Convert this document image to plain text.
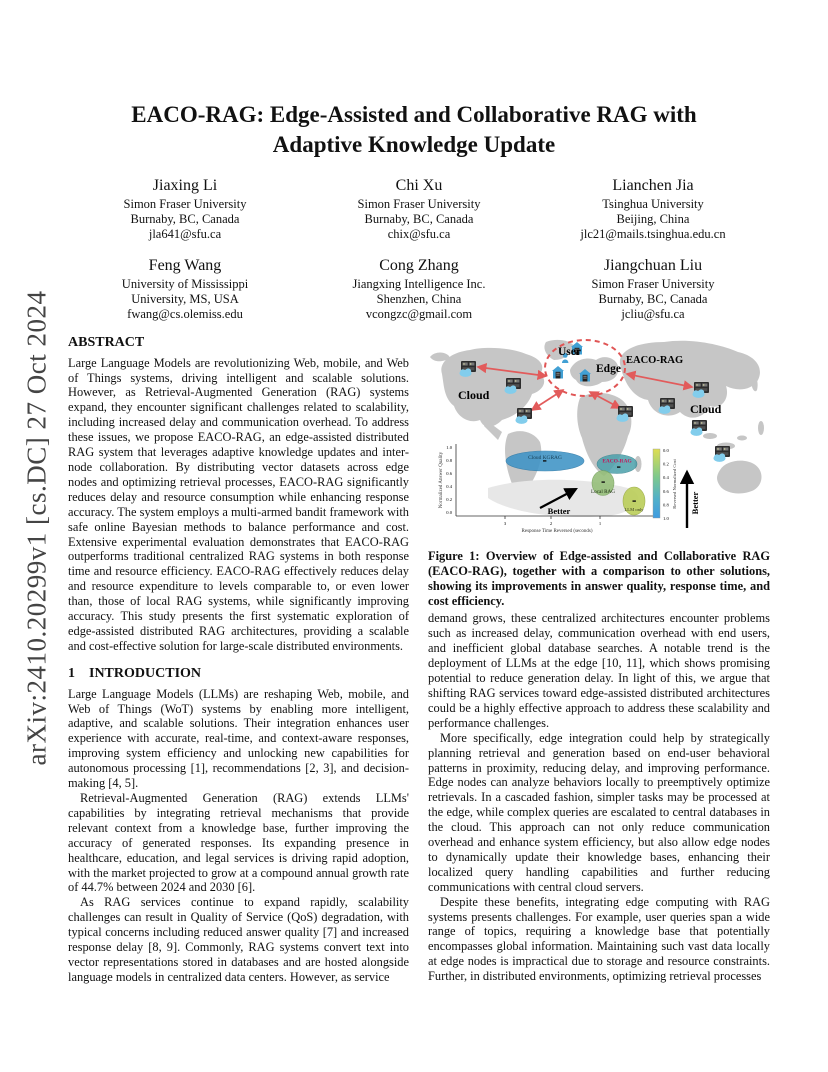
arXiv:2410.20299v1 [cs.DC] 27 Oct 2024
EACO-RAG: Edge-Assisted and Collaborative RAG with
Adaptive Knowledge Update
Jiaxing Li
Simon Fraser University
Burnaby, BC, Canada
jla641@sfu.ca
Chi Xu
Simon Fraser University
Burnaby, BC, Canada
chix@sfu.ca
Lianchen Jia
Tsinghua University
Beijing, China
jlc21@mails.tsinghua.edu.cn
Feng Wang
University of Mississippi
University, MS, USA
fwang@cs.olemiss.edu
Cong Zhang
Jiangxing Intelligence Inc.
Shenzhen, China
vcongzc@gmail.com
Jiangchuan Liu
Simon Fraser University
Burnaby, BC, Canada
jcliu@sfu.ca
ABSTRACT

Large Language Models are revolutionizing Web, mobile, and Web of Things systems, driving intelligent and scalable solutions. However, as Retrieval-Augmented Generation (RAG) systems expand, they encounter significant challenges related to scalability, including increased delay and communication overhead. To address these issues, we propose EACO-RAG, an edge-assisted distributed RAG system that leverages adaptive knowledge updates and inter-node collaboration. By distributing vector datasets across edge nodes and optimizing retrieval processes, EACO-RAG significantly reduces delay and resource consumption while enhancing response accuracy. The system employs a multi-armed bandit framework with safe online Bayesian methods to balance performance and cost. Extensive experimental evaluation demonstrates that EACO-RAG outperforms traditional centralized RAG systems in both response time and resource efficiency. EACO-RAG effectively reduces delay and resource expenditure to levels comparable to, or even lower than, those of local RAG systems, while significantly improving accuracy. This study presents the first systematic exploration of edge-assisted distributed RAG architectures, providing a scalable and cost-effective solution for large-scale distributed environments.

1 INTRODUCTION

Large Language Models (LLMs) are reshaping Web, mobile, and Web of Things (WoT) systems by enabling more intelligent, adaptive, and scalable solutions. Their integration enhances user experience with accurate, real-time, and context-aware responses, improving system efficiency and unlocking new capabilities for autonomous processing [1], recommendations [2, 3], and decision-making [4, 5].

Retrieval-Augmented Generation (RAG) extends LLMs' capabilities by integrating retrieval mechanisms that provide relevant context from a knowledge base, further improving the accuracy of generated responses. Its expanding presence in healthcare, education, and legal services is driving rapid adoption, with the market projected to grow at a compound annual growth rate of 44.7% between 2024 and 2030 [6].

As RAG services continue to expand rapidly, scalability challenges can result in Quality of Service (QoS) degradation, with typical concerns including reduced answer quality [7] and increased response delay [8, 9]. Commonly, RAG systems convert text into vector representations stored in databases and are hosted alongside language models in centralized data centers. However, as service

User
Edge
EACO-RAG
Cloud
Cloud
1.0
0.8
0.6
0.4
0.2
0.0
3	2	1
Response Time Reversed (seconds)
Normalized Answer Quality	Cloud KGRAG
EACO-RAG
Local RAG
LLM only
Better
0.0
0.2
0.4
0.6
0.8
1.0
Reversed Normalized Cost Better
Figure 1: Overview of Edge-assisted and Collaborative RAG (EACO-RAG), together with a comparison to other solutions, showing its improvements in answer quality, response time, and cost efficiency.

demand grows, these centralized architectures encounter problems such as increased delay, communication overhead with end users, and inefficient global database searches. A notable trend is the deployment of LLMs at the edge [10, 11], which shows promising potential to reduce generation delay. In light of this, we argue that shifting RAG services toward edge-assisted distributed architectures could be a highly effective approach to address these scalability and performance challenges.

More specifically, edge integration could help by strategically planning retrieval and generation based on end-user behavioral patterns in proximity, reducing delay, and improving performance. Edge nodes can analyze behaviors locally to preemptively optimize retrievals. In a cascaded fashion, simpler tasks may be processed at the edge, while complex queries are escalated to central databases in the cloud. This approach can not only reduce communication overhead and enhance system efficiency, but also allow edge nodes to dynamically update their knowledge bases, enhancing their localized query handling capabilities and further reducing communications with central cloud servers.

Despite these benefits, integrating edge computing with RAG systems presents challenges. For example, user queries span a wide range of topics, requiring a knowledge base that potentially encompasses global information. Maintaining such vast data locally at edge nodes is impractical due to storage and resource constraints. Further, in distributed environments, optimizing retrieval processes
